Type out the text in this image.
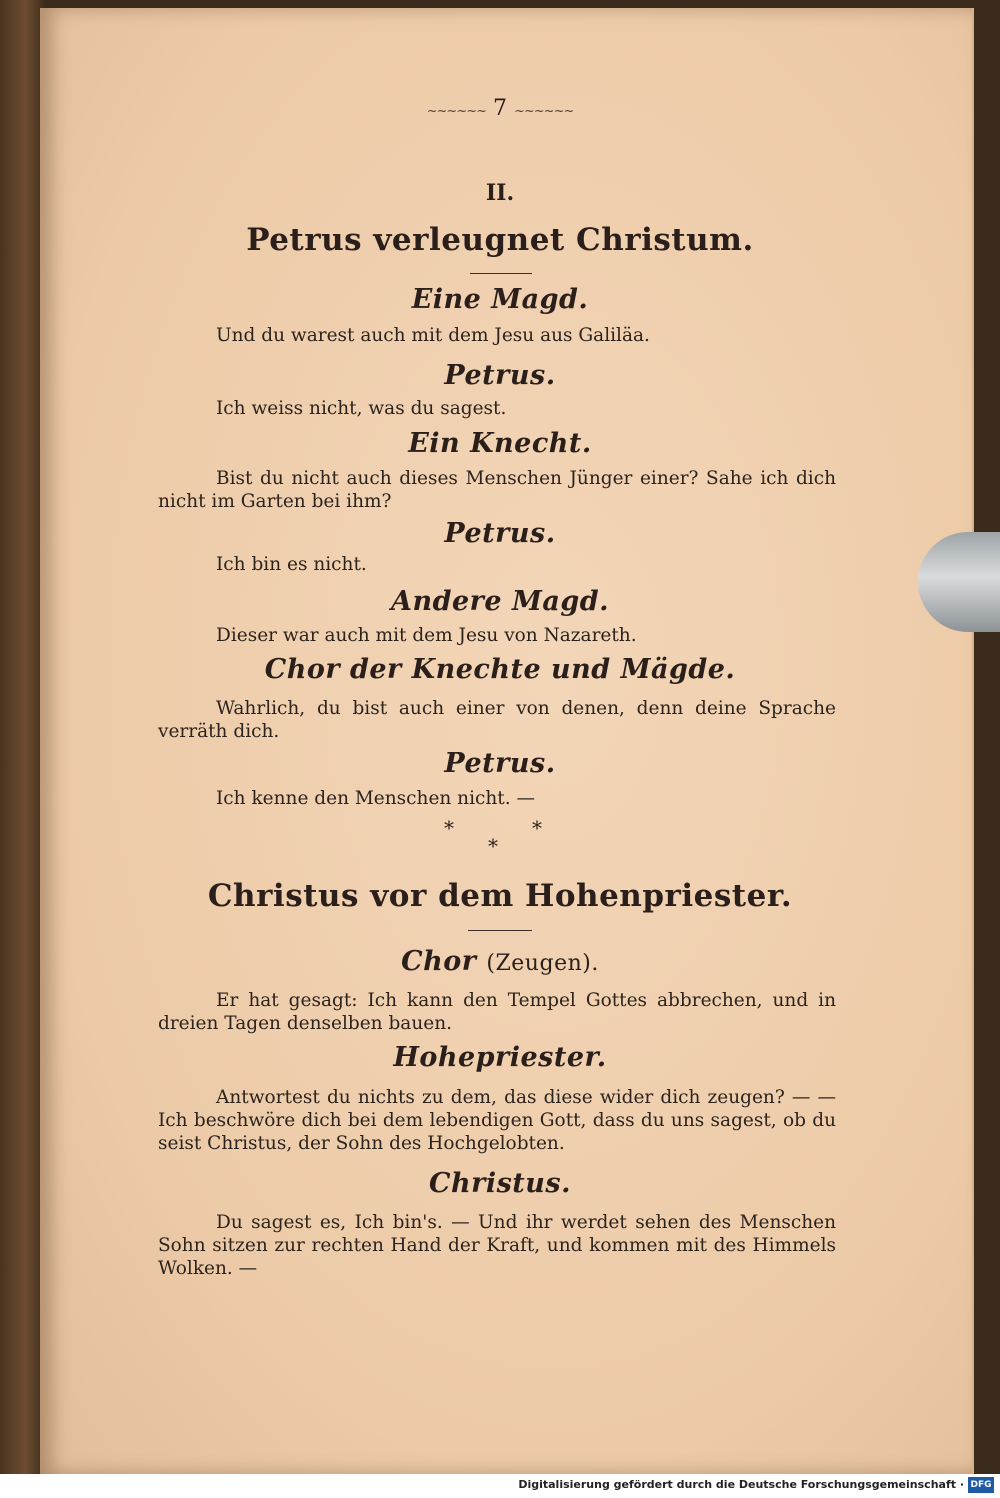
~~~~~~ 7 ~~~~~~
II.
Petrus verleugnet Christum.
Eine Magd.
Und du warest auch mit dem Jesu aus Galiläa.
Petrus.
Ich weiss nicht, was du sagest.
Ein Knecht.
Bist du nicht auch dieses Menschen Jünger einer? Sahe ich dich nicht im Garten bei ihm?
Petrus.
Ich bin es nicht.
Andere Magd.
Dieser war auch mit dem Jesu von Nazareth.
Chor der Knechte und Mägde.
Wahrlich, du bist auch einer von denen, denn deine Sprache verräth dich.
Petrus.
Ich kenne den Menschen nicht. —
*	*
*
Christus vor dem Hohenpriester.
Chor (Zeugen).
Er hat gesagt: Ich kann den Tempel Gottes abbrechen, und in dreien Tagen denselben bauen.
Hohepriester.
Antwortest du nichts zu dem, das diese wider dich zeugen? — — Ich beschwöre dich bei dem lebendigen Gott, dass du uns sagest, ob du seist Christus, der Sohn des Hochgelobten.
Christus.
Du sagest es, Ich bin's. — Und ihr werdet sehen des Menschen Sohn sitzen zur rechten Hand der Kraft, und kommen mit des Himmels Wolken. —
Digitalisierung gefördert durch die Deutsche Forschungsgemeinschaft · DFG
